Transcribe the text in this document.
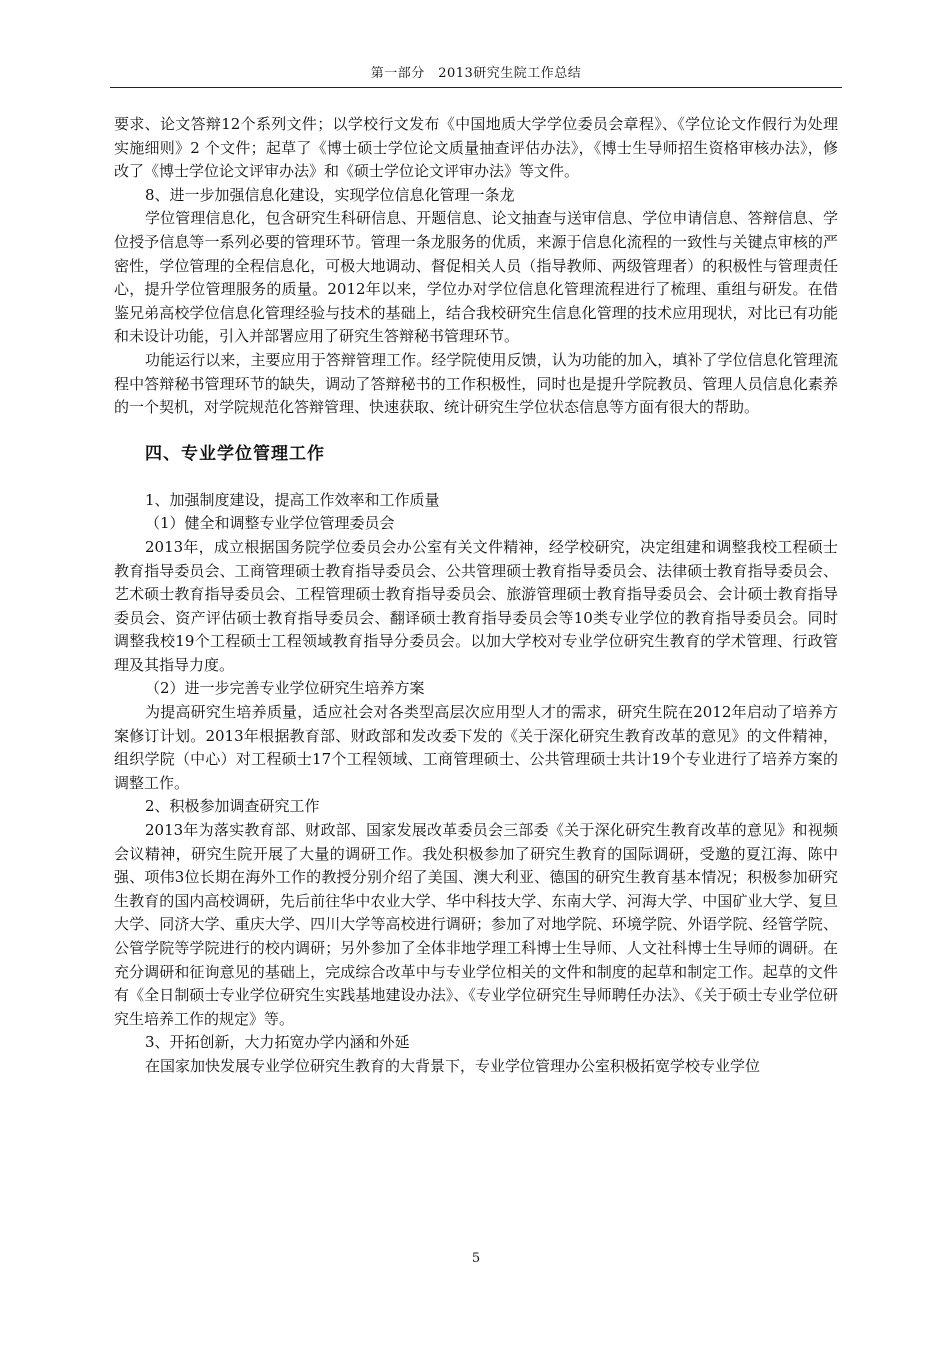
第一部分　2013研究生院工作总结

要求、论文答辩12个系列文件；以学校行文发布《中国地质大学学位委员会章程》、《学位论文作假行为处理实施细则》2 个文件；起草了《博士硕士学位论文质量抽查评估办法》，《博士生导师招生资格审核办法》，修改了《博士学位论文评审办法》和《硕士学位论文评审办法》等文件。

8、进一步加强信息化建设，实现学位信息化管理一条龙

学位管理信息化，包含研究生科研信息、开题信息、论文抽查与送审信息、学位申请信息、答辩信息、学位授予信息等一系列必要的管理环节。管理一条龙服务的优质，来源于信息化流程的一致性与关键点审核的严密性，学位管理的全程信息化，可极大地调动、督促相关人员（指导教师、两级管理者）的积极性与管理责任心，提升学位管理服务的质量。2012年以来，学位办对学位信息化管理流程进行了梳理、重组与研发。在借鉴兄弟高校学位信息化管理经验与技术的基础上，结合我校研究生信息化管理的技术应用现状，对比已有功能和未设计功能，引入并部署应用了研究生答辩秘书管理环节。

功能运行以来，主要应用于答辩管理工作。经学院使用反馈，认为功能的加入，填补了学位信息化管理流程中答辩秘书管理环节的缺失，调动了答辩秘书的工作积极性，同时也是提升学院教员、管理人员信息化素养的一个契机，对学院规范化答辩管理、快速获取、统计研究生学位状态信息等方面有很大的帮助。

四、专业学位管理工作

1、加强制度建设，提高工作效率和工作质量

（1）健全和调整专业学位管理委员会

2013年，成立根据国务院学位委员会办公室有关文件精神，经学校研究，决定组建和调整我校工程硕士教育指导委员会、工商管理硕士教育指导委员会、公共管理硕士教育指导委员会、法律硕士教育指导委员会、艺术硕士教育指导委员会、工程管理硕士教育指导委员会、旅游管理硕士教育指导委员会、会计硕士教育指导委员会、资产评估硕士教育指导委员会、翻译硕士教育指导委员会等10类专业学位的教育指导委员会。同时调整我校19个工程硕士工程领域教育指导分委员会。以加大学校对专业学位研究生教育的学术管理、行政管理及其指导力度。

（2）进一步完善专业学位研究生培养方案

为提高研究生培养质量，适应社会对各类型高层次应用型人才的需求，研究生院在2012年启动了培养方案修订计划。2013年根据教育部、财政部和发改委下发的《关于深化研究生教育改革的意见》的文件精神，组织学院（中心）对工程硕士17个工程领域、工商管理硕士、公共管理硕士共计19个专业进行了培养方案的调整工作。

2、积极参加调查研究工作

2013年为落实教育部、财政部、国家发展改革委员会三部委《关于深化研究生教育改革的意见》和视频会议精神，研究生院开展了大量的调研工作。我处积极参加了研究生教育的国际调研，受邀的夏江海、陈中强、项伟3位长期在海外工作的教授分别介绍了美国、澳大利亚、德国的研究生教育基本情况；积极参加研究生教育的国内高校调研，先后前往华中农业大学、华中科技大学、东南大学、河海大学、中国矿业大学、复旦大学、同济大学、重庆大学、四川大学等高校进行调研；参加了对地学院、环境学院、外语学院、经管学院、公管学院等学院进行的校内调研；另外参加了全体非地学理工科博士生导师、人文社科博士生导师的调研。在充分调研和征询意见的基础上，完成综合改革中与专业学位相关的文件和制度的起草和制定工作。起草的文件有《全日制硕士专业学位研究生实践基地建设办法》、《专业学位研究生导师聘任办法》、《关于硕士专业学位研究生培养工作的规定》等。

3、开拓创新，大力拓宽办学内涵和外延

在国家加快发展专业学位研究生教育的大背景下，专业学位管理办公室积极拓宽学校专业学位

5
